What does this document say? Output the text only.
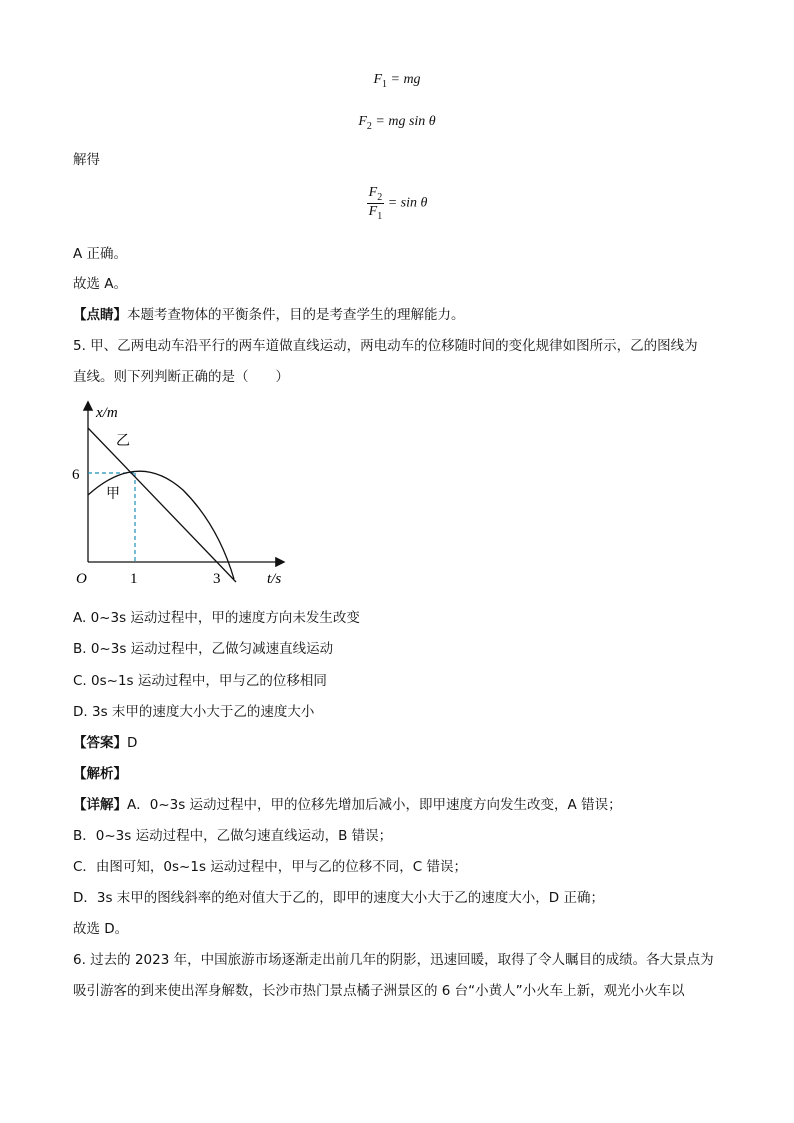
$F_1$ = mg
$F_2$ = mg sin θ
解得
$\frac{F_2}{F_1} = \sin \theta$
A 正确。
故选 A。
【点睛】本题考查物体的平衡条件，目的是考查学生的理解能力。
5. 甲、乙两电动车沿平行的两车道做直线运动，两电动车的位移随时间的变化规律如图所示，乙的图线为
直线。则下列判断正确的是（　　）
x/m
t/s
O
6
1	3
甲
乙
A. 0~3s 运动过程中，甲的速度方向未发生改变
B. 0~3s 运动过程中，乙做匀减速直线运动
C. 0s~1s 运动过程中，甲与乙的位移相同
D. 3s 末甲的速度大小大于乙的速度大小
【答案】D
【解析】
【详解】A．0~3s 运动过程中，甲的位移先增加后减小，即甲速度方向发生改变，A 错误；
B．0~3s 运动过程中，乙做匀速直线运动，B 错误；
C．由图可知，0s~1s 运动过程中，甲与乙的位移不同，C 错误；
D．3s 末甲的图线斜率的绝对值大于乙的，即甲的速度大小大于乙的速度大小，D 正确；
故选 D。
6. 过去的 2023 年，中国旅游市场逐渐走出前几年的阴影，迅速回暖，取得了令人瞩目的成绩。各大景点为
吸引游客的到来使出浑身解数，长沙市热门景点橘子洲景区的 6 台“小黄人”小火车上新，观光小火车以
